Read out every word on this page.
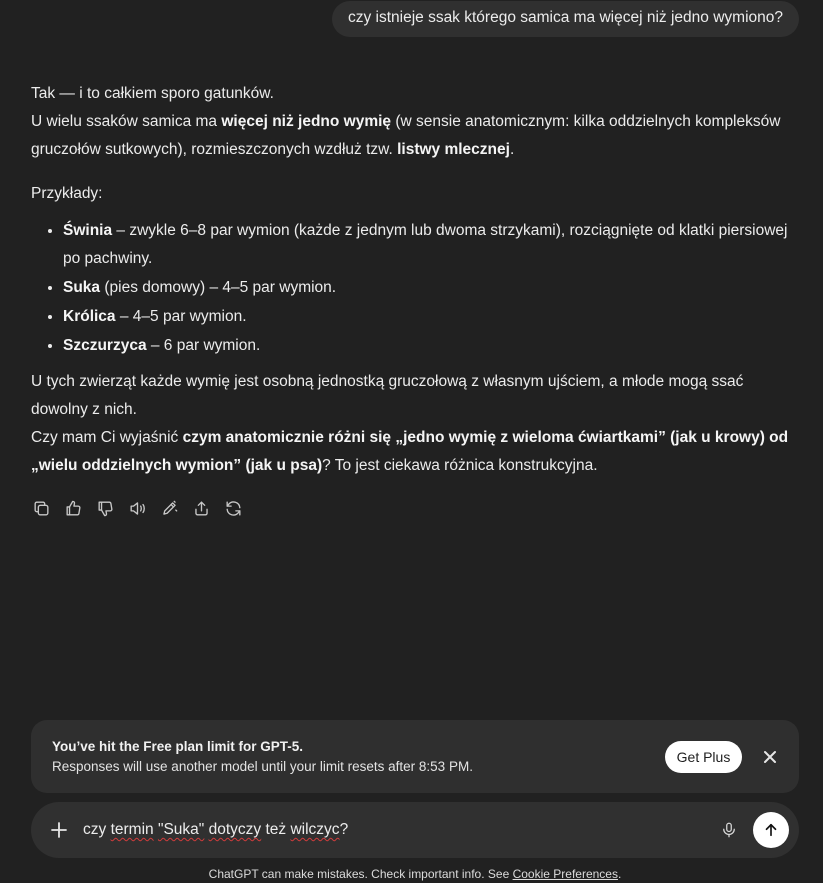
czy istnieje ssak którego samica ma więcej niż jedno wymiono?

Tak — i to całkiem sporo gatunków.

U wielu ssaków samica ma więcej niż jedno wymię (w sensie anatomicznym: kilka oddzielnych kompleksów gruczołów sutkowych), rozmieszczonych wzdłuż tzw. listwy mlecznej.

Przykłady:

• Świnia – zwykle 6–8 par wymion (każde z jednym lub dwoma strzykami), rozciągnięte od klatki piersiowej po pachwiny.
• Suka (pies domowy) – 4–5 par wymion.
• Królica – 4–5 par wymion.
• Szczurzyca – 6 par wymion.

U tych zwierząt każde wymię jest osobną jednostką gruczołową z własnym ujściem, a młode mogą ssać dowolny z nich.

Czy mam Ci wyjaśnić czym anatomicznie różni się „jedno wymię z wieloma ćwiartkami” (jak u krowy) od „wielu oddzielnych wymion” (jak u psa)? To jest ciekawa różnica konstrukcyjna.

You’ve hit the Free plan limit for GPT-5.
Responses will use another model until your limit resets after 8:53 PM.
Get Plus
czy termin "Suka" dotyczy też wilczyc?
ChatGPT can make mistakes. Check important info. See Cookie Preferences.
